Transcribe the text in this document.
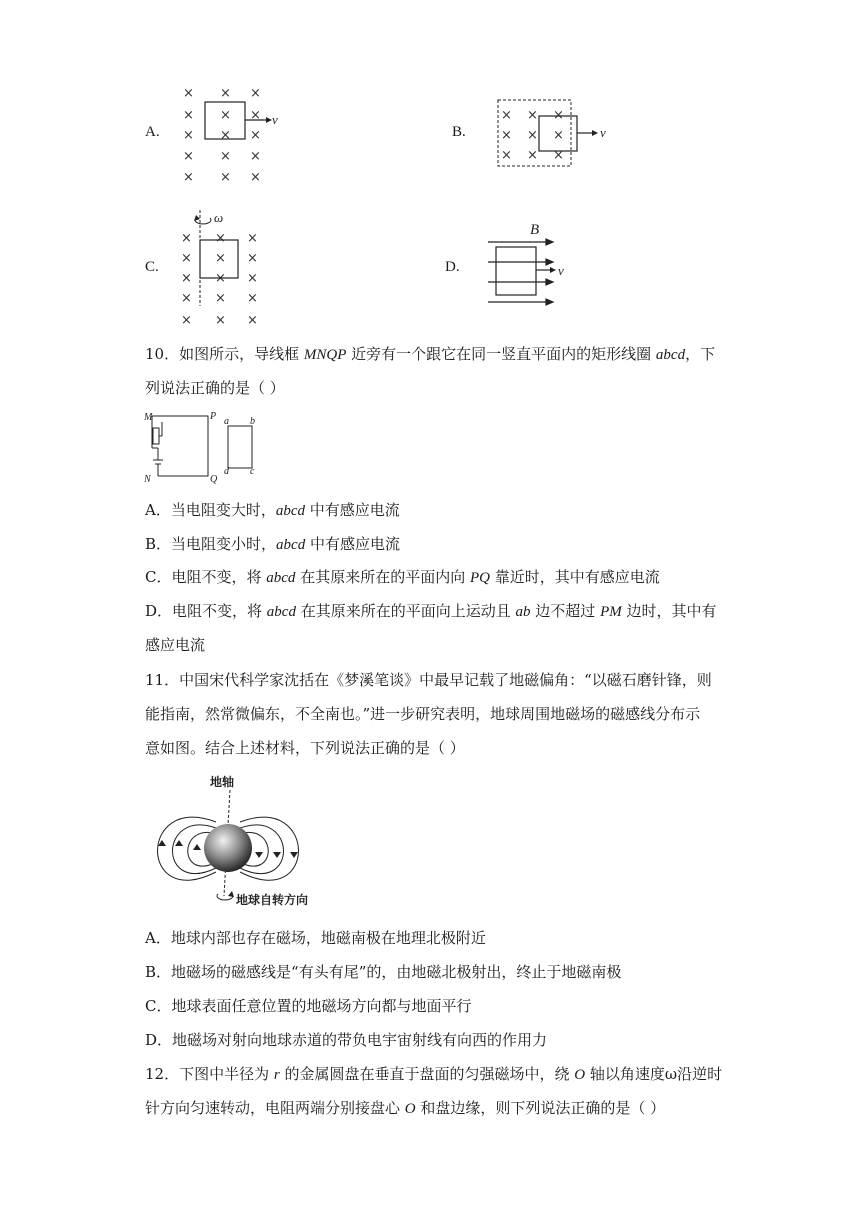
A.
× × ×
× × ×
× × ×
× × ×
× × ×
v
B.
× × ×
× × ×
× × ×
v
C.
ω
× × ×
× × ×
× × ×
× × ×
× × ×
D.
B
v
10．如图所示，导线框 MNQP 近旁有一个跟它在同一竖直平面内的矩形线圈 abcd，下
列说法正确的是（ ）
M	P
N	Q
a b
c
d
A．当电阻变大时，abcd 中有感应电流
B．当电阻变小时，abcd 中有感应电流
C．电阻不变，将 abcd 在其原来所在的平面内向 PQ 靠近时，其中有感应电流
D．电阻不变，将 abcd 在其原来所在的平面向上运动且 ab 边不超过 PM 边时，其中有
感应电流
11．中国宋代科学家沈括在《梦溪笔谈》中最早记载了地磁偏角：“以磁石磨针锋，则
能指南，然常微偏东，不全南也。”进一步研究表明，地球周围地磁场的磁感线分布示
意如图。结合上述材料，下列说法正确的是（ ）
地轴
地球自转方向
A．地球内部也存在磁场，地磁南极在地理北极附近
B．地磁场的磁感线是“有头有尾”的，由地磁北极射出，终止于地磁南极
C．地球表面任意位置的地磁场方向都与地面平行
D．地磁场对射向地球赤道的带负电宇宙射线有向西的作用力
12．下图中半径为 r 的金属圆盘在垂直于盘面的匀强磁场中，绕 O 轴以角速度ω沿逆时
针方向匀速转动，电阻两端分别接盘心 O 和盘边缘，则下列说法正确的是（ ）
